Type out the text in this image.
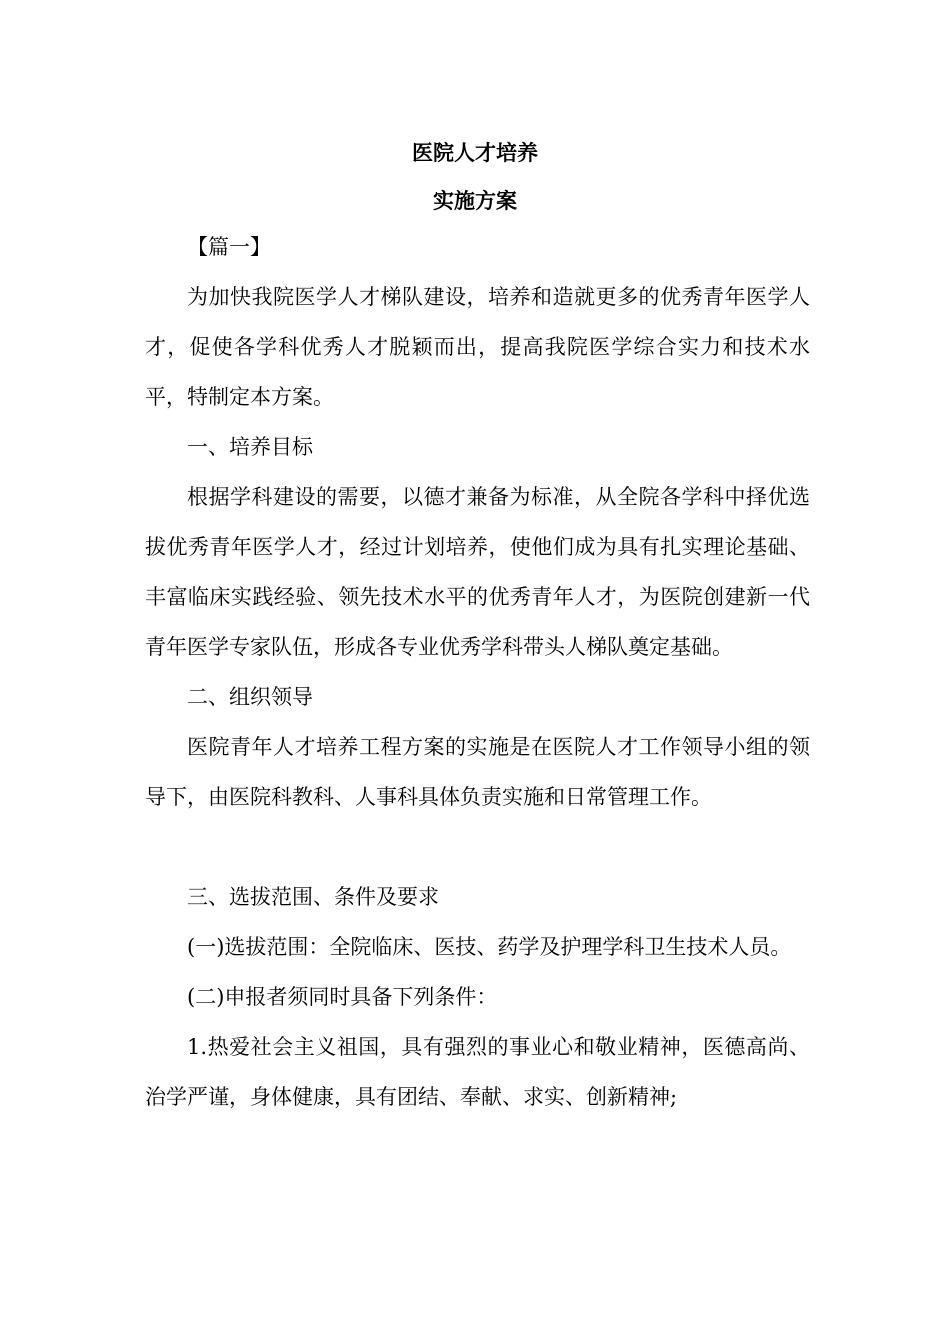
医院人才培养
实施方案

【篇一】

为加快我院医学人才梯队建设，培养和造就更多的优秀青年医学人才，促使各学科优秀人才脱颖而出，提高我院医学综合实力和技术水平，特制定本方案。

一、培养目标

根据学科建设的需要，以德才兼备为标准，从全院各学科中择优选拔优秀青年医学人才，经过计划培养，使他们成为具有扎实理论基础、丰富临床实践经验、领先技术水平的优秀青年人才，为医院创建新一代青年医学专家队伍，形成各专业优秀学科带头人梯队奠定基础。

二、组织领导

医院青年人才培养工程方案的实施是在医院人才工作领导小组的领导下，由医院科教科、人事科具体负责实施和日常管理工作。

三、选拔范围、条件及要求

(一)选拔范围：全院临床、医技、药学及护理学科卫生技术人员。

(二)申报者须同时具备下列条件：

1.热爱社会主义祖国，具有强烈的事业心和敬业精神，医德高尚、治学严谨，身体健康，具有团结、奉献、求实、创新精神;
